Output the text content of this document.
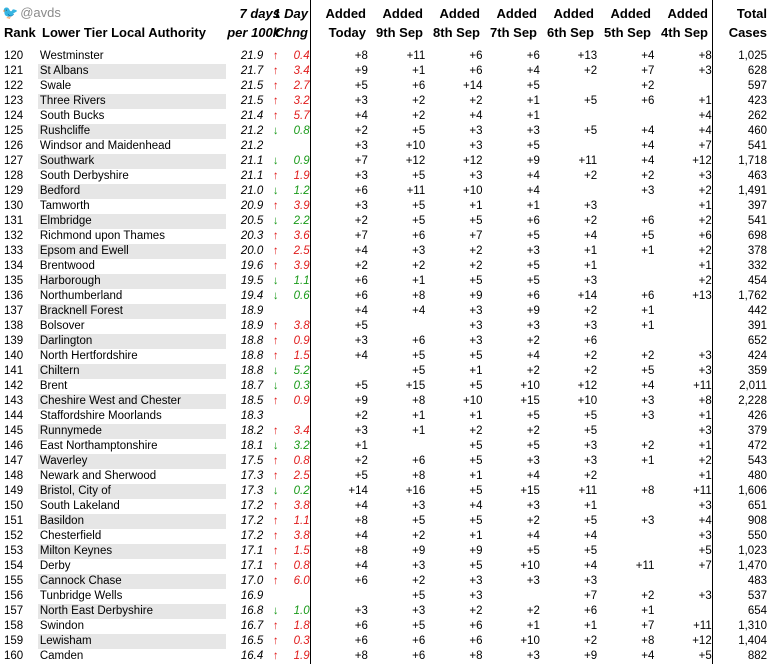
🐦 @avds
Rank Lower Tier Local Authority
7 days
per 100k
1 Day
Chng
Added
Today
Added
9th Sep
Added
8th Sep
Added
7th Sep
Added
6th Sep
Added
5th Sep
Added
4th Sep
Total
Cases
120	Westminster	21.9	↑	0.4	+8	+11	+6	+6	+13	+4	+8	1,025
121	St Albans	21.7	↑	3.4	+9	+1	+6	+4	+2	+7	+3	628
122	Swale	21.5	↑	2.7	+5	+6	+14	+5		+2		597
123	Three Rivers	21.5	↑	3.2	+3	+2	+2	+1	+5	+6	+1	423
124	South Bucks	21.4	↑	5.7	+4	+2	+4	+1			+4	262
125	Rushcliffe	21.2	↓	0.8	+2	+5	+3	+3	+5	+4	+4	460
126	Windsor and Maidenhead	21.2			+3	+10	+3	+5		+4	+7	541
127	Southwark	21.1	↓	0.9	+7	+12	+12	+9	+11	+4	+12	1,718
128	South Derbyshire	21.1	↑	1.9	+3	+5	+3	+4	+2	+2	+3	463
129	Bedford	21.0	↓	1.2	+6	+11	+10	+4		+3	+2	1,491
130	Tamworth	20.9	↑	3.9	+3	+5	+1	+1	+3		+1	397
131	Elmbridge	20.5	↓	2.2	+2	+5	+5	+6	+2	+6	+2	541
132	Richmond upon Thames	20.3	↑	3.6	+7	+6	+7	+5	+4	+5	+6	698
133	Epsom and Ewell	20.0	↑	2.5	+4	+3	+2	+3	+1	+1	+2	378
134	Brentwood	19.6	↑	3.9	+2	+2	+2	+5	+1		+1	332
135	Harborough	19.5	↓	1.1	+6	+1	+5	+5	+3		+2	454
136	Northumberland	19.4	↓	0.6	+6	+8	+9	+6	+14	+6	+13	1,762
137	Bracknell Forest	18.9			+4	+4	+3	+9	+2	+1		442
138	Bolsover	18.9	↑	3.8	+5		+3	+3	+3	+1		391
139	Darlington	18.8	↑	0.9	+3	+6	+3	+2	+6			652
140	North Hertfordshire	18.8	↑	1.5	+4	+5	+5	+4	+2	+2	+3	424
141	Chiltern	18.8	↓	5.2		+5	+1	+2	+2	+5	+3	359
142	Brent	18.7	↓	0.3	+5	+15	+5	+10	+12	+4	+11	2,011
143	Cheshire West and Chester	18.5	↑	0.9	+9	+8	+10	+15	+10	+3	+8	2,228
144	Staffordshire Moorlands	18.3			+2	+1	+1	+5	+5	+3	+1	426
145	Runnymede	18.2	↑	3.4	+3	+1	+2	+2	+5		+3	379
146	East Northamptonshire	18.1	↓	3.2	+1		+5	+5	+3	+2	+1	472
147	Waverley	17.5	↑	0.8	+2	+6	+5	+3	+3	+1	+2	543
148	Newark and Sherwood	17.3	↑	2.5	+5	+8	+1	+4	+2		+1	480
149	Bristol, City of	17.3	↓	0.2	+14	+16	+5	+15	+11	+8	+11	1,606
150	South Lakeland	17.2	↑	3.8	+4	+3	+4	+3	+1		+3	651
151	Basildon	17.2	↑	1.1	+8	+5	+5	+2	+5	+3	+4	908
152	Chesterfield	17.2	↑	3.8	+4	+2	+1	+4	+4		+3	550
153	Milton Keynes	17.1	↑	1.5	+8	+9	+9	+5	+5		+5	1,023
154	Derby	17.1	↑	0.8	+4	+3	+5	+10	+4	+11	+7	1,470
155	Cannock Chase	17.0	↑	6.0	+6	+2	+3	+3	+3			483
156	Tunbridge Wells	16.9				+5	+3		+7	+2	+3	537
157	North East Derbyshire	16.8	↓	1.0	+3	+3	+2	+2	+6	+1		654
158	Swindon	16.7	↑	1.8	+6	+5	+6	+1	+1	+7	+11	1,310
159	Lewisham	16.5	↑	0.3	+6	+6	+6	+10	+2	+8	+12	1,404
160	Camden	16.4	↑	1.9	+8	+6	+8	+3	+9	+4	+5	882
